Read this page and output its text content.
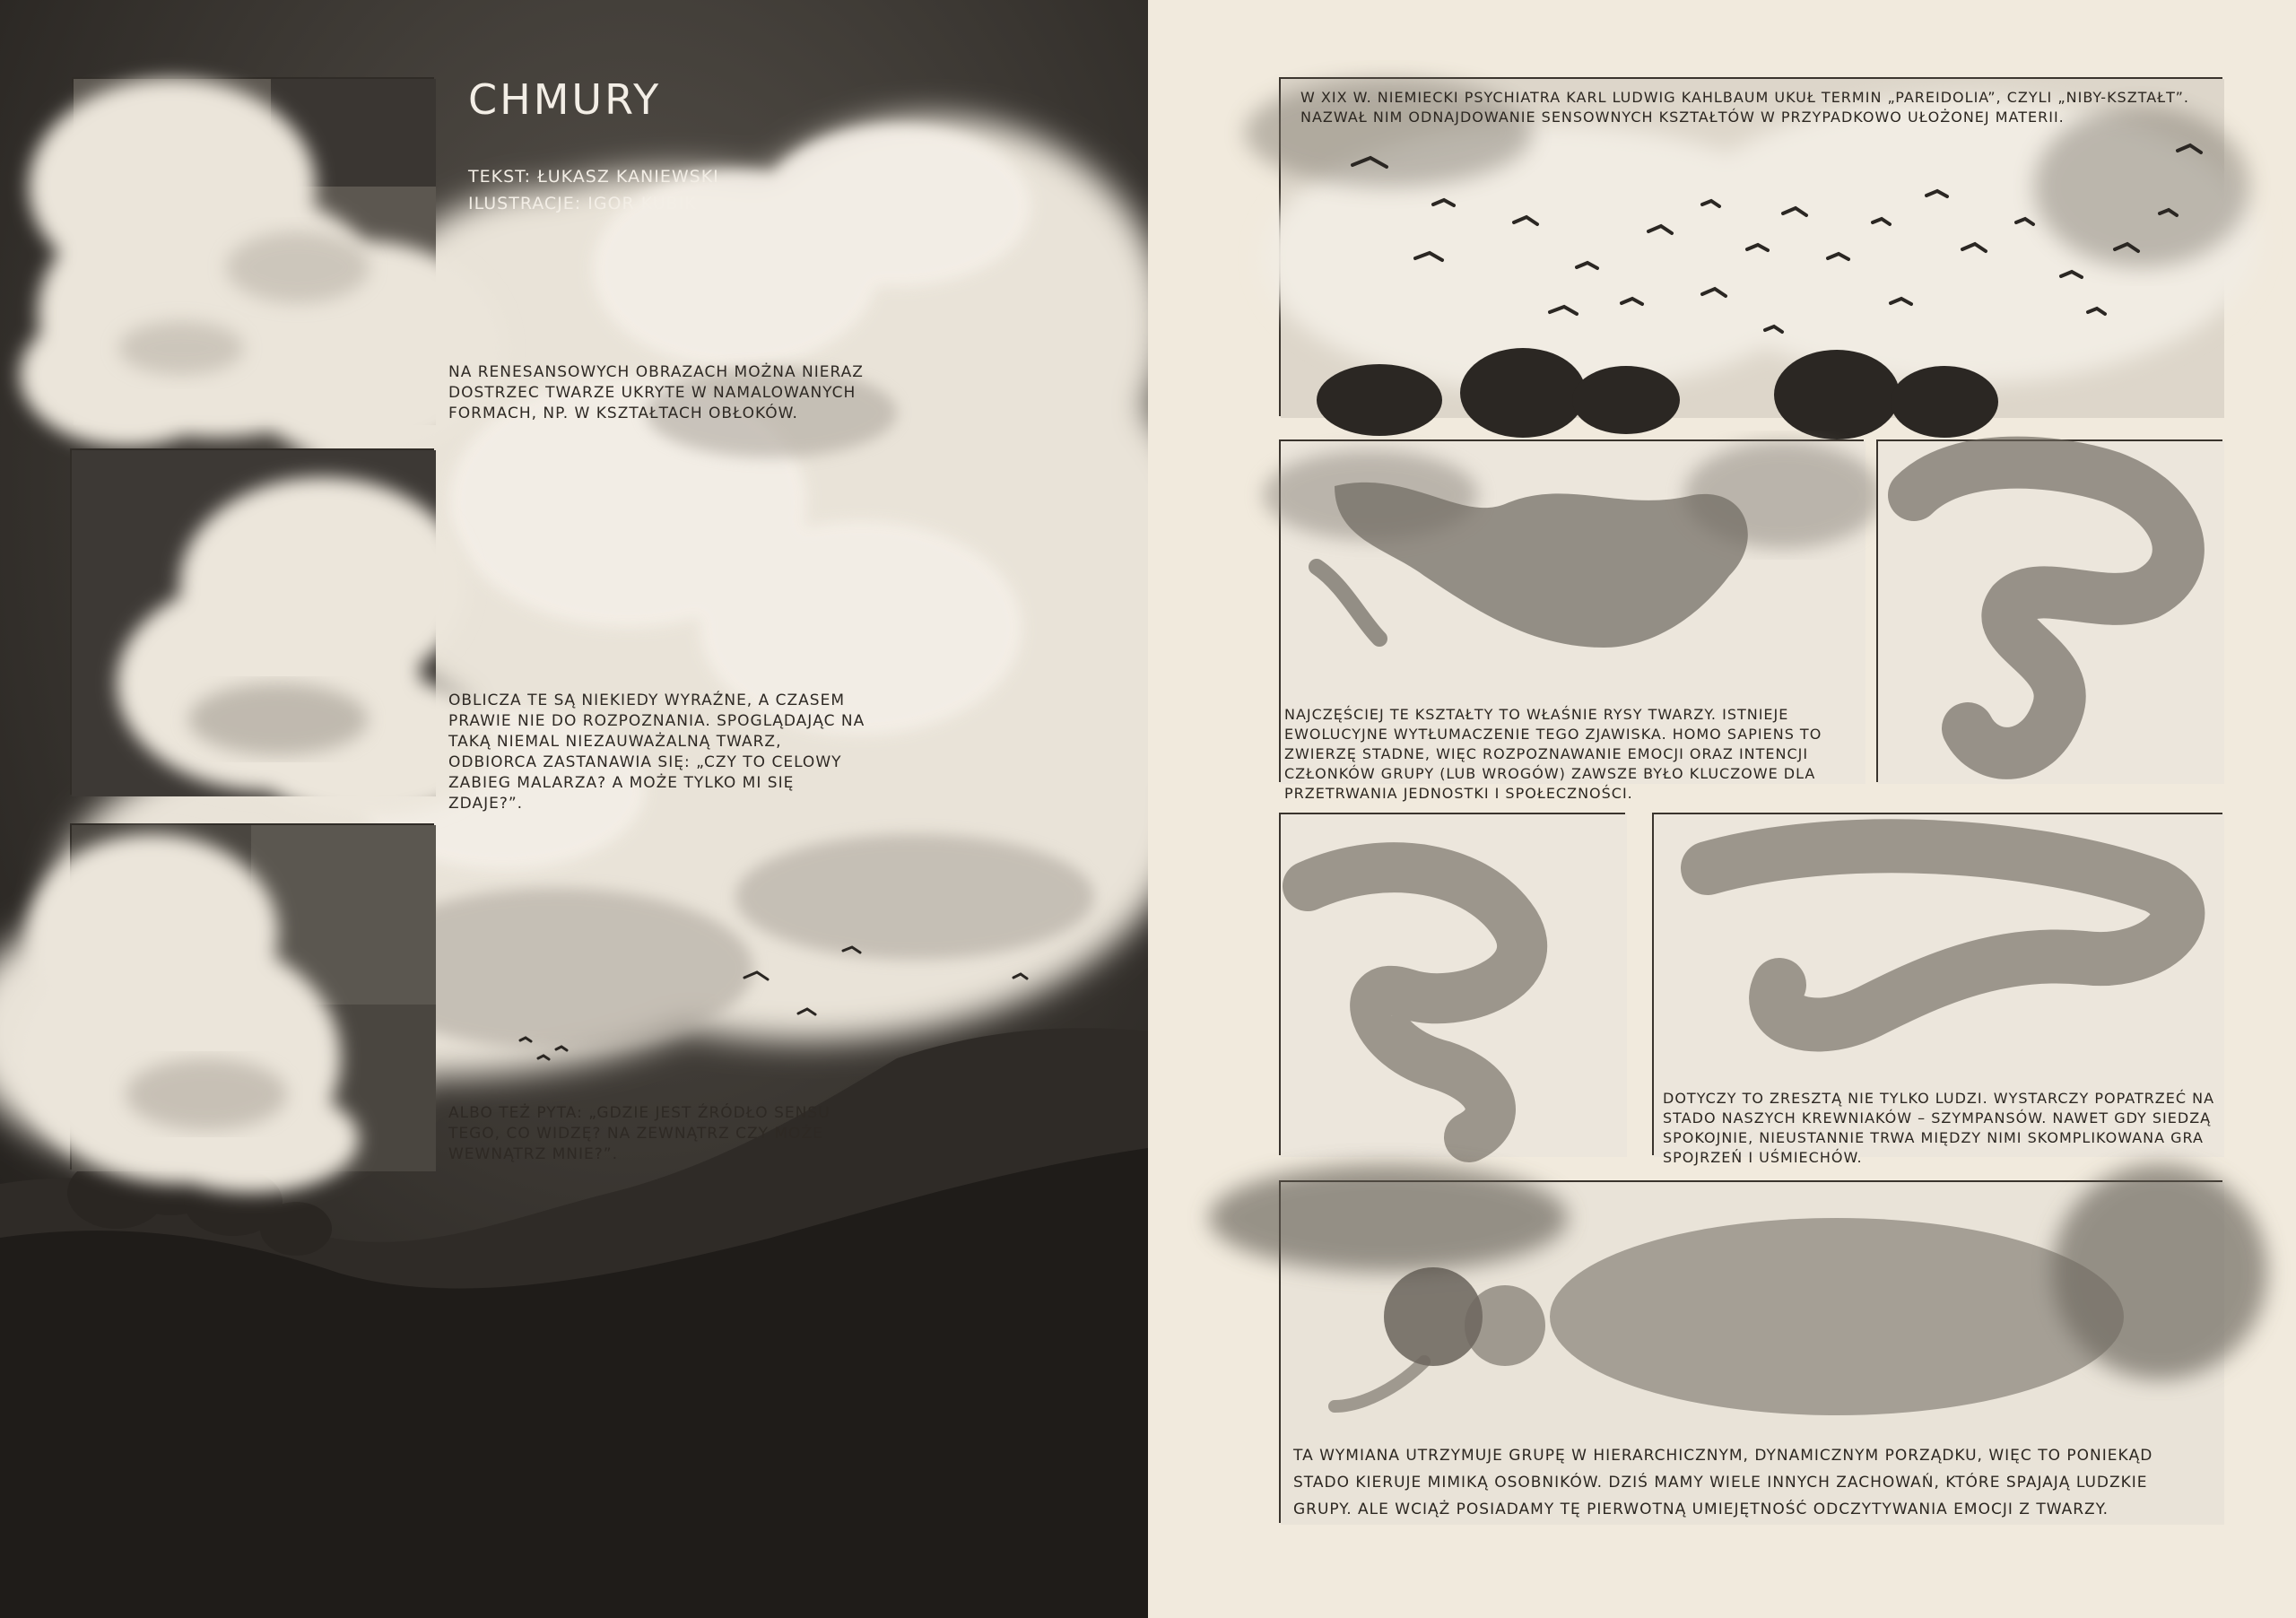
CHMURY
TEKST: ŁUKASZ KANIEWSKI
ILUSTRACJE: IGOR KUBIK
NA RENESANSOWYCH OBRAZACH MOŻNA NIERAZ DOSTRZEC TWARZE UKRYTE W NAMALOWANYCH FORMACH, NP. W KSZTAŁTACH OBŁOKÓW.
OBLICZA TE SĄ NIEKIEDY WYRAŹNE, A CZASEM PRAWIE NIE DO ROZPOZNANIA. SPOGLĄDAJĄC NA TAKĄ NIEMAL NIEZAUWAŻALNĄ TWARZ, ODBIORCA ZASTANAWIA SIĘ: „CZY TO CELOWY ZABIEG MALARZA? A MOŻE TYLKO MI SIĘ ZDAJE?”.
ALBO TEŻ PYTA: „GDZIE JEST ŹRÓDŁO SENSU TEGO, CO WIDZĘ? NA ZEWNĄTRZ CZY MOŻE WEWNĄTRZ MNIE?”.
W XIX W. NIEMIECKI PSYCHIATRA KARL LUDWIG KAHLBAUM UKUŁ TERMIN „PAREIDOLIA”, CZYLI „NIBY-KSZTAŁT”. NAZWAŁ NIM ODNAJDOWANIE SENSOWNYCH KSZTAŁTÓW W PRZYPADKOWO UŁOŻONEJ MATERII.
NAJCZĘŚCIEJ TE KSZTAŁTY TO WŁAŚNIE RYSY TWARZY. ISTNIEJE EWOLUCYJNE WYTŁUMACZENIE TEGO ZJAWISKA. HOMO SAPIENS TO ZWIERZĘ STADNE, WIĘC ROZPOZNAWANIE EMOCJI ORAZ INTENCJI CZŁONKÓW GRUPY (LUB WROGÓW) ZAWSZE BYŁO KLUCZOWE DLA PRZETRWANIA JEDNOSTKI I SPOŁECZNOŚCI.
DOTYCZY TO ZRESZTĄ NIE TYLKO LUDZI. WYSTARCZY POPATRZEĆ NA STADO NASZYCH KREWNIAKÓW – SZYMPANSÓW. NAWET GDY SIEDZĄ SPOKOJNIE, NIEUSTANNIE TRWA MIĘDZY NIMI SKOMPLIKOWANA GRA SPOJRZEŃ I UŚMIECHÓW.
TA WYMIANA UTRZYMUJE GRUPĘ W HIERARCHICZNYM, DYNAMICZNYM PORZĄDKU, WIĘC TO PONIEKĄD STADO KIERUJE MIMIKĄ OSOBNIKÓW. DZIŚ MAMY WIELE INNYCH ZACHOWAŃ, KTÓRE SPAJAJĄ LUDZKIE GRUPY. ALE WCIĄŻ POSIADAMY TĘ PIERWOTNĄ UMIEJĘTNOŚĆ ODCZYTYWANIA EMOCJI Z TWARZY.
